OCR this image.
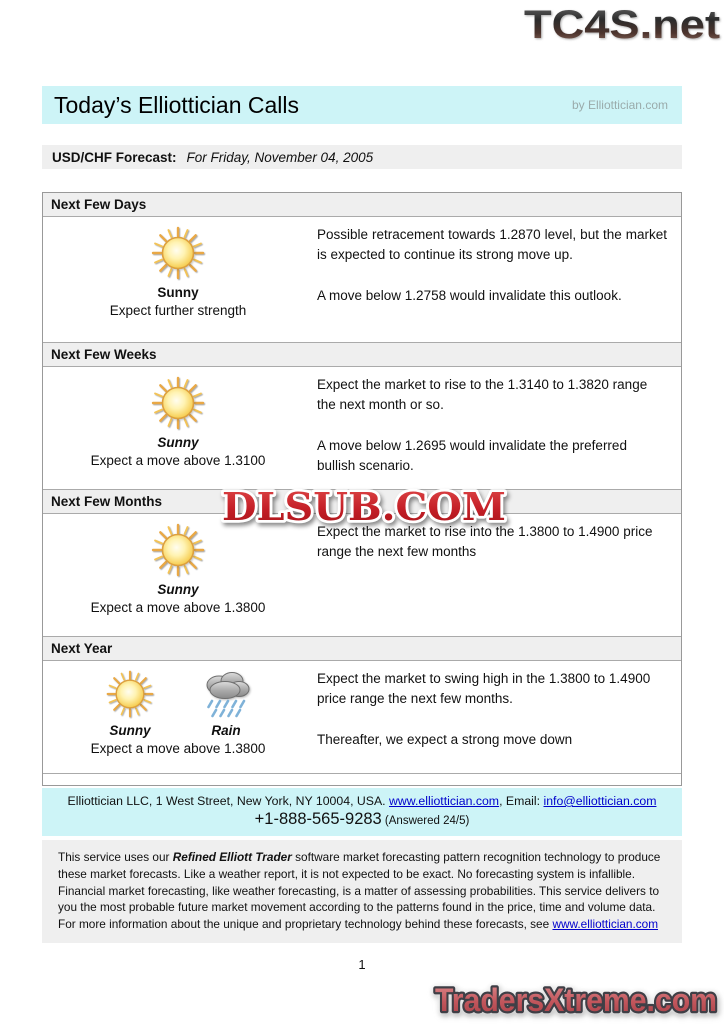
TC4S.net
Today’s Elliottician Calls	by Elliottician.com
USD/CHF Forecast: For Friday, November 04, 2005
Next Few Days
Sunny
Expect further strength

Possible retracement towards 1.2870 level, but the market is expected to continue its strong move up.

A move below 1.2758 would invalidate this outlook.

Next Few Weeks
Sunny
Expect a move above 1.3100

Expect the market to rise to the 1.3140 to 1.3820 range the next month or so.

A move below 1.2695 would invalidate the preferred bullish scenario.

Next Few Months
Sunny
Expect a move above 1.3800

Expect the market to rise into the 1.3800 to 1.4900 price range the next few months

Next Year
Sunny	Rain
Expect a move above 1.3800

Expect the market to swing high in the 1.3800 to 1.4900 price range the next few months.

Thereafter, we expect a strong move down

Elliottician LLC, 1 West Street, New York, NY 10004, USA. www.elliottician.com, Email: info@elliottician.com
+1-888-565-9283 (Answered 24/5)
This service uses our Refined Elliott Trader software market forecasting pattern recognition technology to produce these market forecasts. Like a weather report, it is not expected to be exact. No forecasting system is infallible. Financial market forecasting, like weather forecasting, is a matter of assessing probabilities. This service delivers to you the most probable future market movement according to the patterns found in the price, time and volume data. For more information about the unique and proprietary technology behind these forecasts, see www.elliottician.com
1
DLSUB.COM
TradersXtreme.com
